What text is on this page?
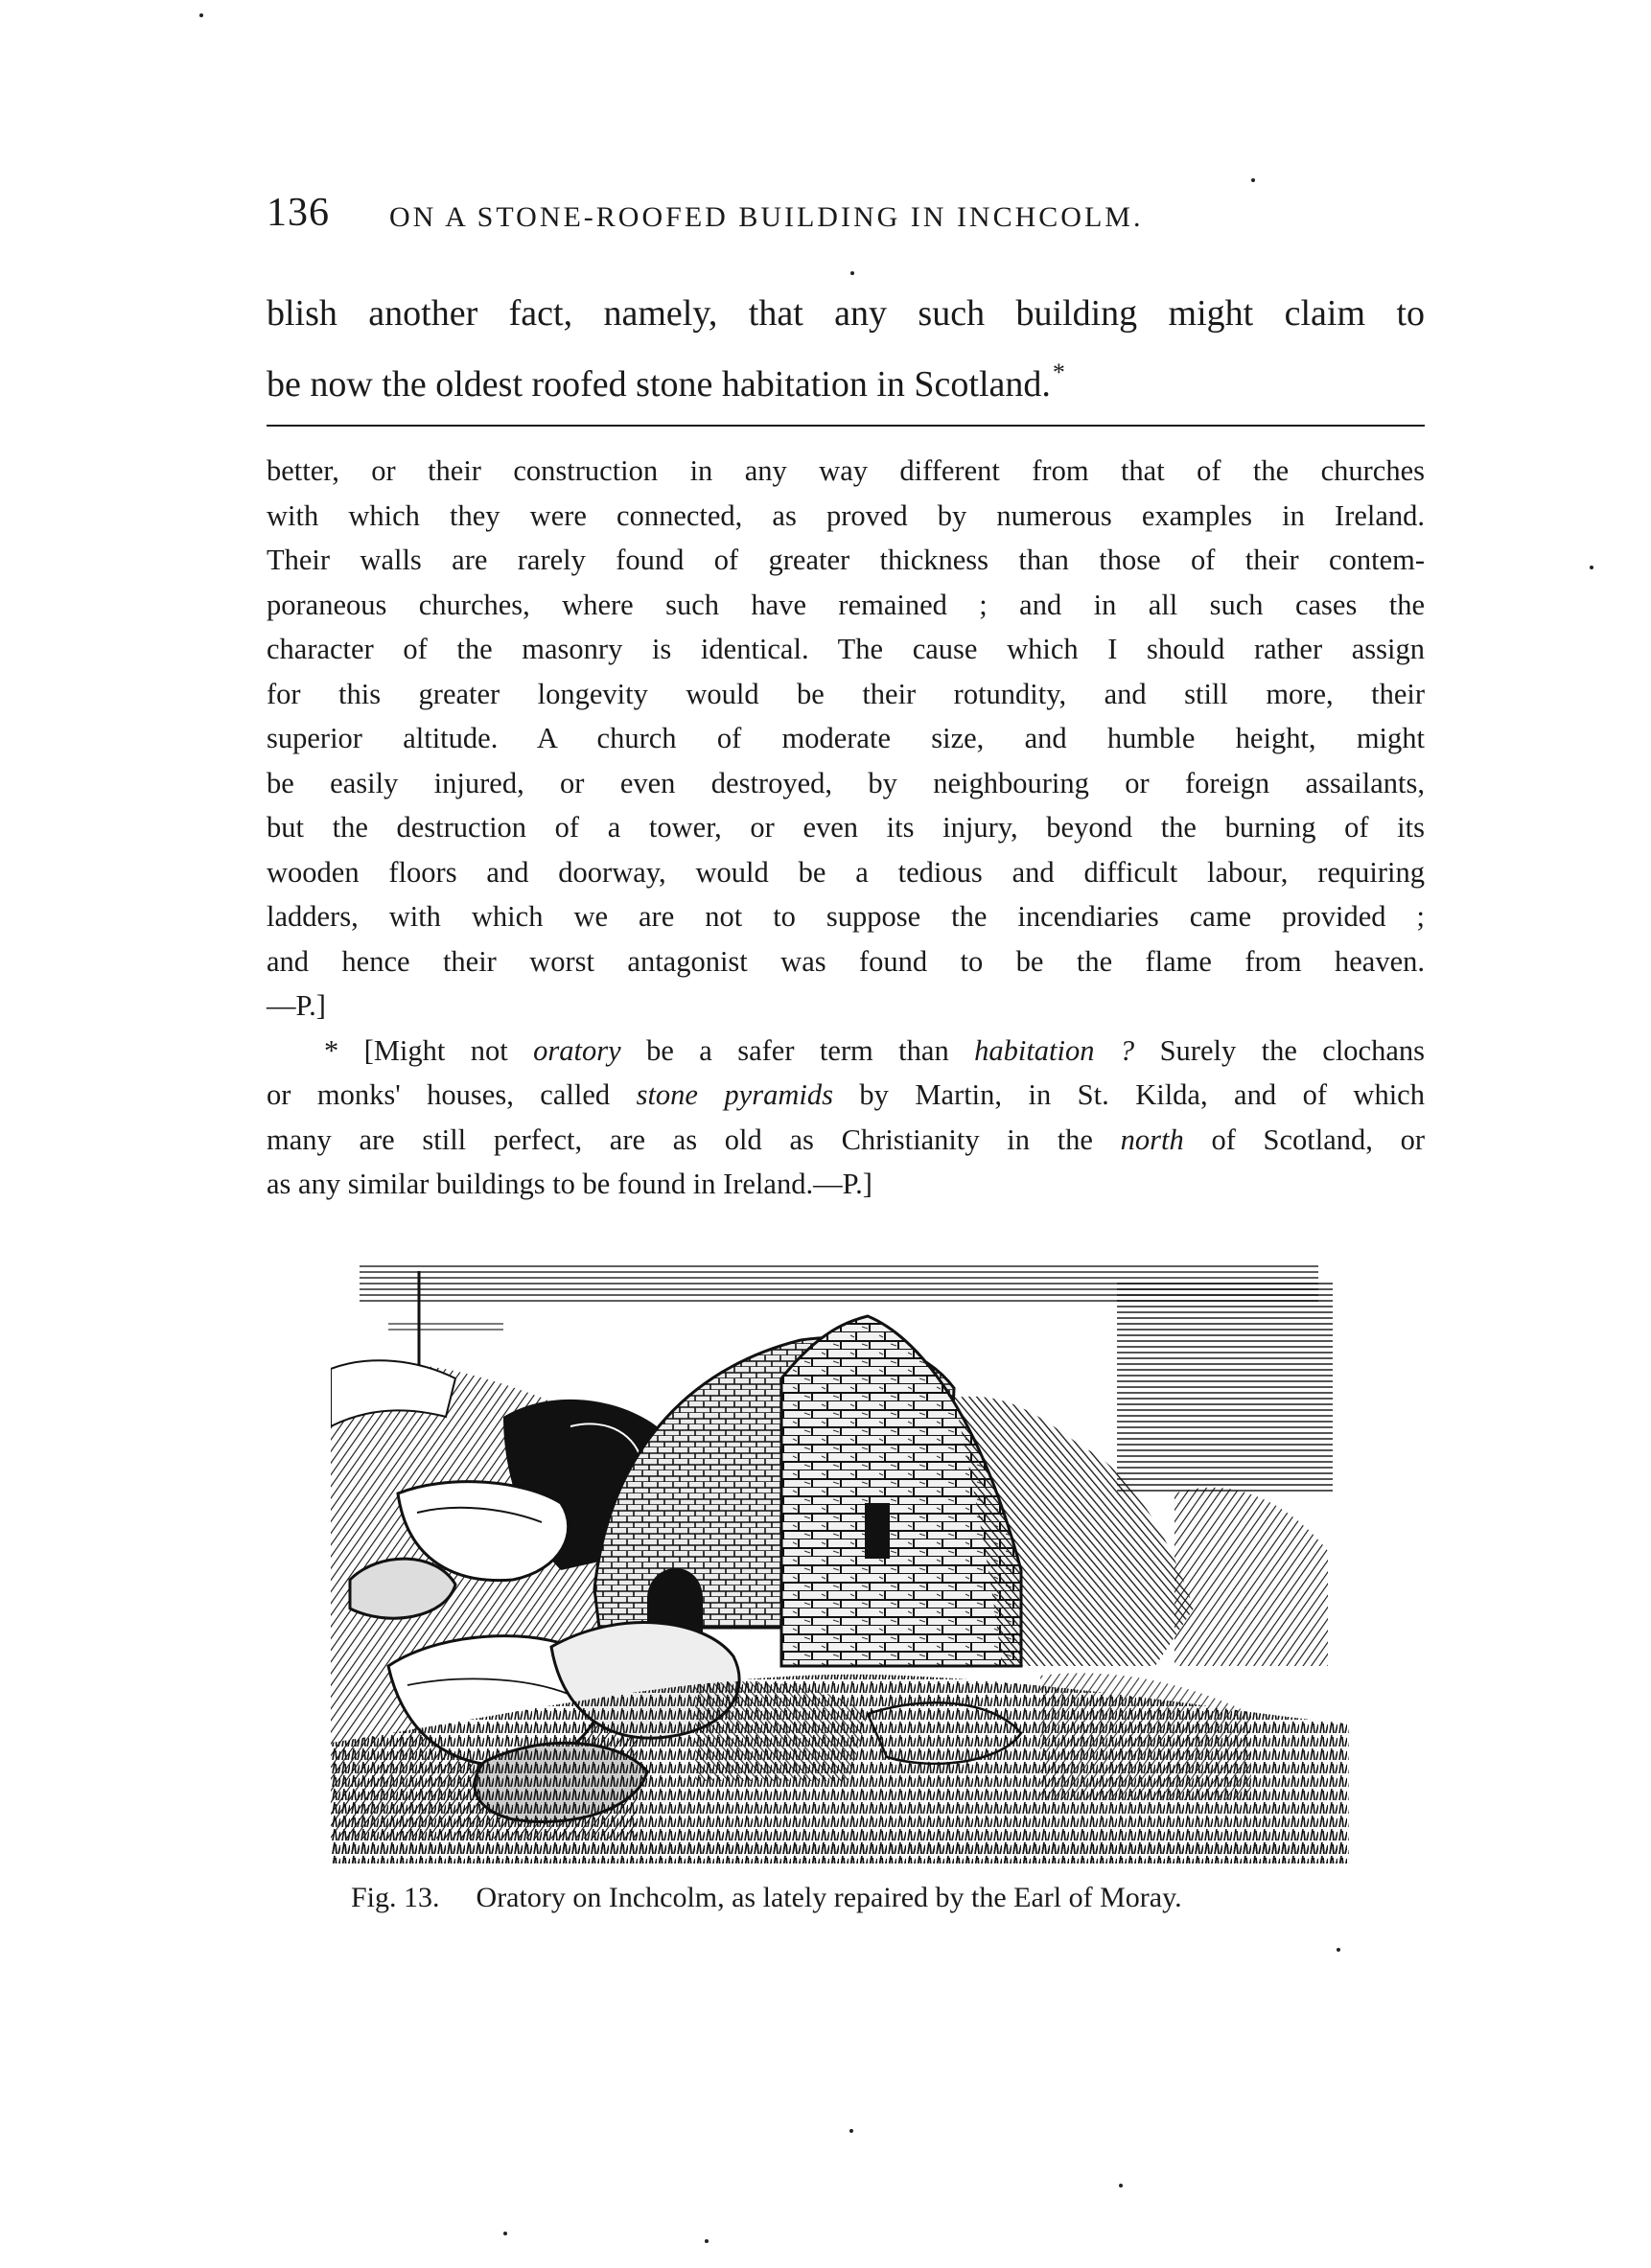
136 ON A STONE-ROOFED BUILDING IN INCHCOLM.
blish another fact, namely, that any such building might claim to
be now the oldest roofed stone habitation in Scotland.*
better, or their construction in any way different from that of the churches
with which they were connected, as proved by numerous examples in Ireland.
Their walls are rarely found of greater thickness than those of their contem-
poraneous churches, where such have remained ; and in all such cases the
character of the masonry is identical. The cause which I should rather assign
for this greater longevity would be their rotundity, and still more, their
superior altitude. A church of moderate size, and humble height, might
be easily injured, or even destroyed, by neighbouring or foreign assailants,
but the destruction of a tower, or even its injury, beyond the burning of its
wooden floors and doorway, would be a tedious and difficult labour, requiring
ladders, with which we are not to suppose the incendiaries came provided ;
and hence their worst antagonist was found to be the flame from heaven.
—P.]
* [Might not oratory be a safer term than habitation ? Surely the clochans
or monks' houses, called stone pyramids by Martin, in St. Kilda, and of which
many are still perfect, are as old as Christianity in the north of Scotland, or
as any similar buildings to be found in Ireland.—P.]
Fig. 13. Oratory on Inchcolm, as lately repaired by the Earl of Moray.
